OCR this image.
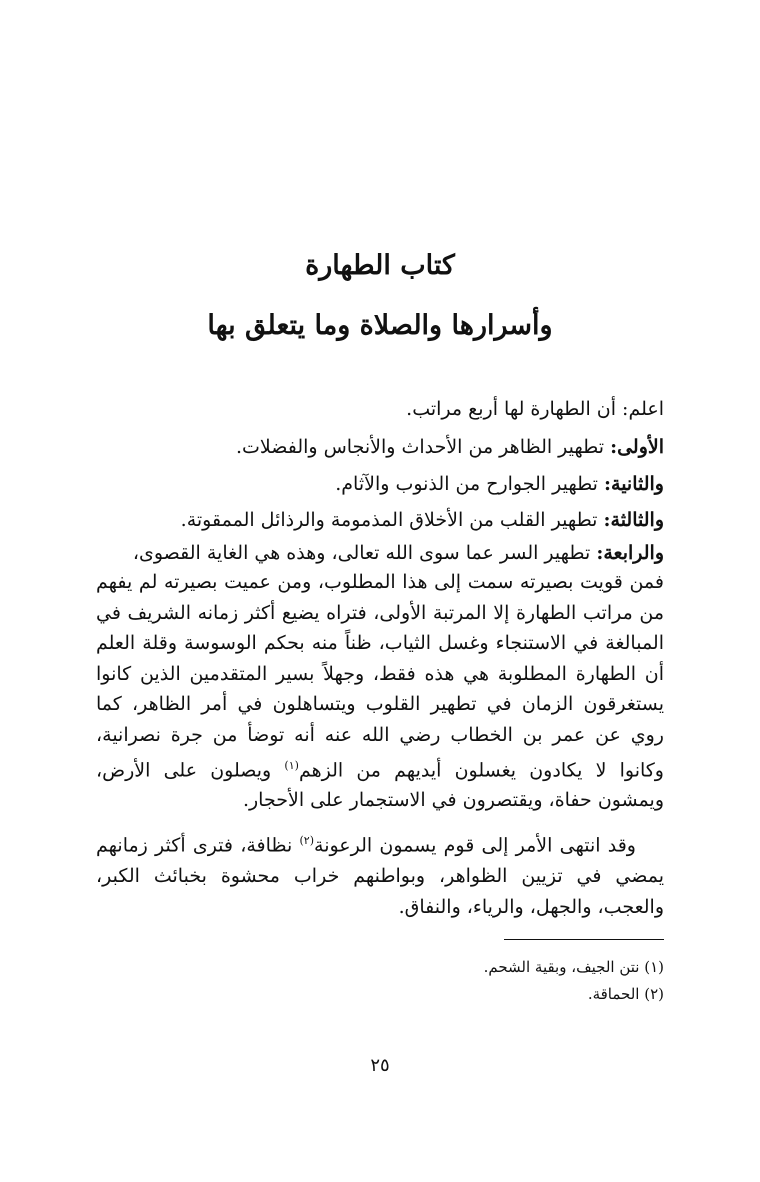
كتاب الطهارة
وأسرارها والصلاة وما يتعلق بها

اعلم: أن الطهارة لها أربع مراتب.

الأولى: تطهير الظاهر من الأحداث والأنجاس والفضلات.

والثانية: تطهير الجوارح من الذنوب والآثام.

والثالثة: تطهير القلب من الأخلاق المذمومة والرذائل الممقوتة.

والرابعة: تطهير السر عما سوى الله تعالى، وهذه هي الغاية القصوى،

فمن قويت بصيرته سمت إلى هذا المطلوب، ومن عميت بصيرته لم يفهم من مراتب الطهارة إلا المرتبة الأولى، فتراه يضيع أكثر زمانه الشريف في المبالغة في الاستنجاء وغسل الثياب، ظناً منه بحكم الوسوسة وقلة العلم أن الطهارة المطلوبة هي هذه فقط، وجهلاً بسير المتقدمين الذين كانوا يستغرقون الزمان في تطهير القلوب ويتساهلون في أمر الظاهر، كما روي عن عمر بن الخطاب رضي الله عنه أنه توضأ من جرة نصرانية، وكانوا لا يكادون يغسلون أيديهم من الزهم$^{(١)}$ ويصلون على الأرض، ويمشون حفاة، ويقتصرون في الاستجمار على الأحجار.

وقد انتهى الأمر إلى قوم يسمون الرعونة$^{(٢)}$ نظافة، فترى أكثر زمانهم يمضي في تزيين الظواهر، وبواطنهم خراب محشوة بخبائث الكبر، والعجب، والجهل، والرياء، والنفاق.

(١) نتن الجيف، وبقية الشحم.

(٢) الحماقة.

٢٥
